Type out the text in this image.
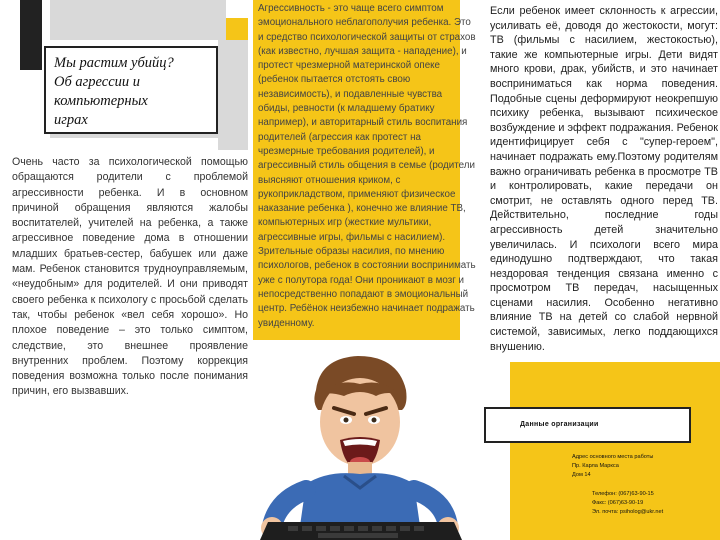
Мы растим убийц?
Об агрессии и
компьютерных
играх
Очень часто за психологической помощью обращаются родители с проблемой агрессивности ребенка. И в основном причиной обращения являются жалобы воспитателей, учителей на ребенка, а также агрессивное поведение дома в отношении младших братьев-сестер, бабушек или даже мам. Ребенок становится трудноуправляемым, «неудобным» для родителей. И они приводят своего ребенка к психологу с просьбой сделать так, чтобы ребенок «вел себя хорошо». Но плохое поведение – это только симптом, следствие, это внешнее проявление внутренних проблем. Поэтому коррекция поведения возможна только после понимания причин, его вызвавших.
Агрессивность - это чаще всего симптом эмоционального неблагополучия ребенка. Это и средство психологической защиты от страхов (как известно, лучшая защита - нападение), и протест чрезмерной материнской опеке (ребенок пытается отстоять свою независимость), и подавленные чувства обиды, ревности (к младшему братику например), и авторитарный стиль воспитания родителей (агрессия как протест на чрезмерные требования родителей), и агрессивный стиль общения в семье (родители выясняют отношения криком, с рукоприкладством, применяют физическое наказание ребенка ), конечно же влияние ТВ, компьютерных игр (жесткие мультики, агрессивные игры, фильмы с насилием). Зрительные образы насилия, по мнению психологов, ребенок в состоянии воспринимать уже с полутора года! Они проникают в мозг и непосредственно попадают в эмоциональный центр. Ребёнок неизбежно начинает подражать увиденному.
Если ребенок имеет склонность к агрессии, усиливать её, доводя до жестокости, могут: ТВ (фильмы с насилием, жестокостью), такие же компьютерные игры. Дети видят много крови, драк, убийств, и это начинает восприниматься как норма поведения. Подобные сцены деформируют неокрепшую психику ребенка, вызывают психическое возбуждение и эффект подражания. Ребенок идентифицирует себя с "супер-героем", начинает подражать ему.Поэтому родителям важно ограничивать ребенка в просмотре ТВ и контролировать, какие передачи он смотрит, не оставлять одного перед ТВ. Действительно, последние годы агрессивность детей значительно увеличилась. И психологи всего мира единодушно подтверждают, что такая нездоровая тенденция связана именно с просмотром ТВ передач, насыщенных сценами насилия. Особенно негативно влияние ТВ на детей со слабой нервной системой, зависимых, легко поддающихся внушению.
Данные организации
Адрес основного места работы
Пр. Карла Маркса
Дом 14
Телефон: (067)63-90-15
Факс: (067)63-90-19
Эл. почта: psiholog@ukr.net
